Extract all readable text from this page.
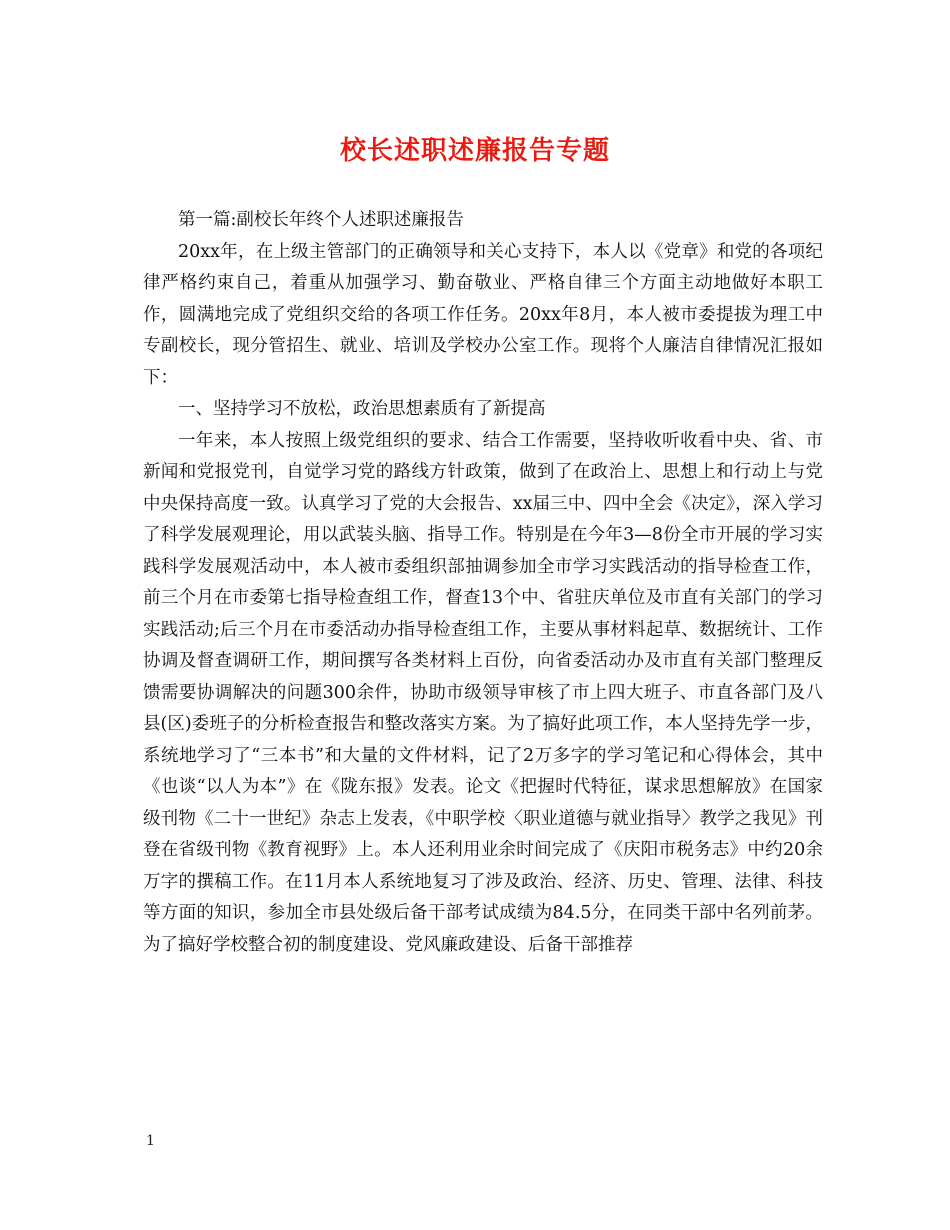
校长述职述廉报告专题

第一篇:副校长年终个人述职述廉报告

20xx年，在上级主管部门的正确领导和关心支持下，本人以《党章》和党的各项纪律严格约束自己，着重从加强学习、勤奋敬业、严格自律三个方面主动地做好本职工作，圆满地完成了党组织交给的各项工作任务。20xx年8月，本人被市委提拔为理工中专副校长，现分管招生、就业、培训及学校办公室工作。现将个人廉洁自律情况汇报如下：

一、坚持学习不放松，政治思想素质有了新提高

一年来，本人按照上级党组织的要求、结合工作需要，坚持收听收看中央、省、市新闻和党报党刊，自觉学习党的路线方针政策，做到了在政治上、思想上和行动上与党中央保持高度一致。认真学习了党的大会报告、xx届三中、四中全会《决定》，深入学习了科学发展观理论，用以武装头脑、指导工作。特别是在今年3—8份全市开展的学习实践科学发展观活动中，本人被市委组织部抽调参加全市学习实践活动的指导检查工作，前三个月在市委第七指导检查组工作，督查13个中、省驻庆单位及市直有关部门的学习实践活动;后三个月在市委活动办指导检查组工作，主要从事材料起草、数据统计、工作协调及督查调研工作，期间撰写各类材料上百份，向省委活动办及市直有关部门整理反馈需要协调解决的问题300余件，协助市级领导审核了市上四大班子、市直各部门及八县(区)委班子的分析检查报告和整改落实方案。为了搞好此项工作，本人坚持先学一步，系统地学习了“三本书”和大量的文件材料，记了2万多字的学习笔记和心得体会，其中《也谈“以人为本”》在《陇东报》发表。论文《把握时代特征，谋求思想解放》在国家级刊物《二十一世纪》杂志上发表，《中职学校〈职业道德与就业指导〉教学之我见》刊登在省级刊物《教育视野》上。本人还利用业余时间完成了《庆阳市税务志》中约20余万字的撰稿工作。在11月本人系统地复习了涉及政治、经济、历史、管理、法律、科技等方面的知识，参加全市县处级后备干部考试成绩为84.5分，在同类干部中名列前茅。为了搞好学校整合初的制度建设、党风廉政建设、后备干部推荐

1
